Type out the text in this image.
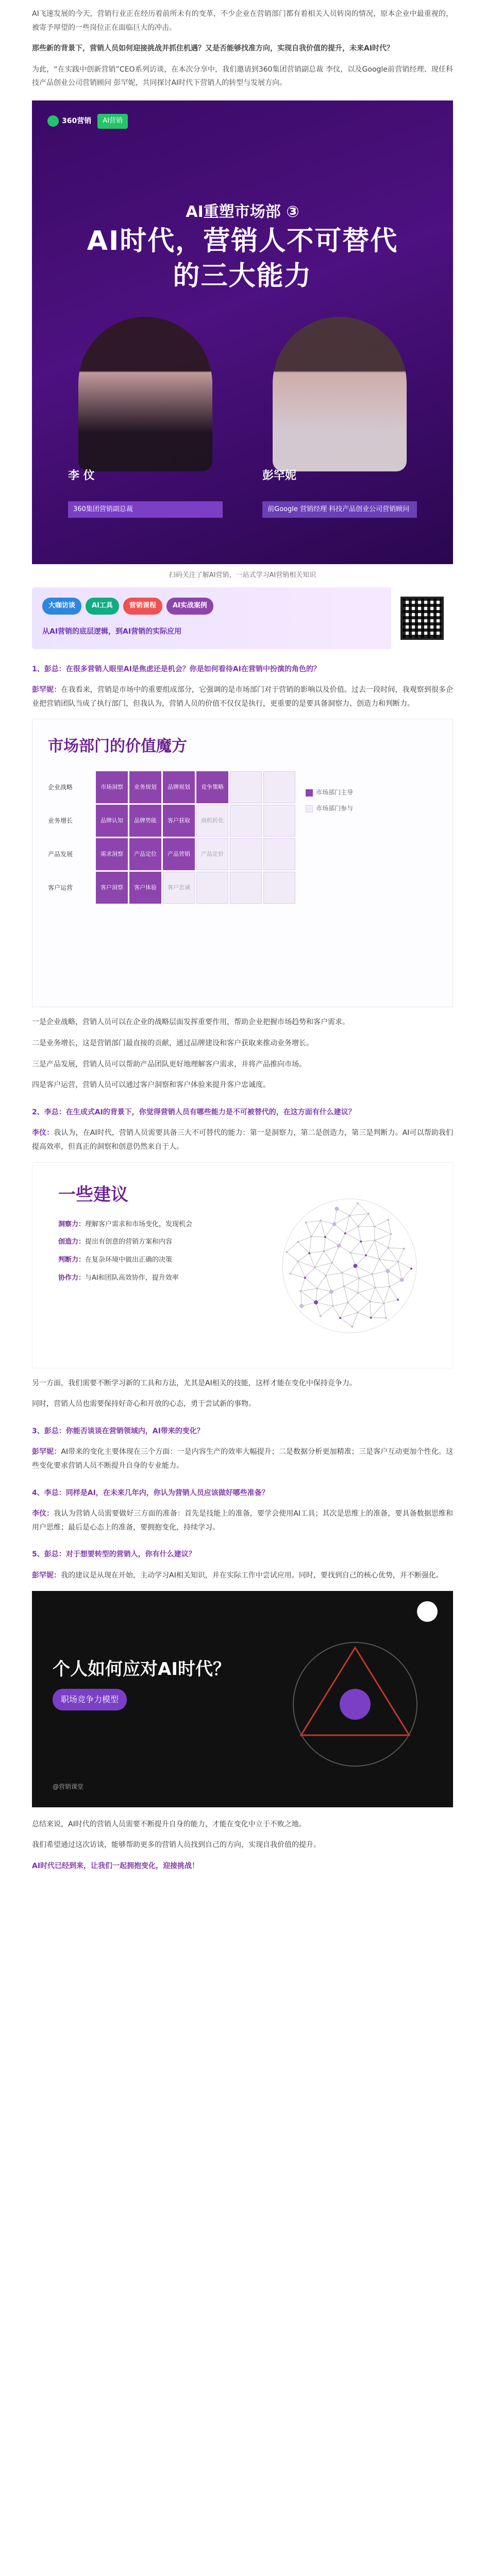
AI飞速发展的今天，营销行业正在经历着前所未有的变革，不少企业在营销部门都有着相关人员转岗的情况，原本企业中最重视的，被寄予厚望的一些岗位正在面临巨大的冲击。

那些新的背景下，营销人员如何迎接挑战并抓住机遇？又是否能够找准方向，实现自我价值的提升，未来AI时代？

为此，“在实践中创新营销”CEO系列访谈，在本次分享中，我们邀请到360集团营销副总裁 李伩，以及Google前营销经理、现任科技产品创业公司营销顾问 彭罕妮，共同探讨AI时代下营销人的转型与发展方向。

360营销	AI营销
AI重塑市场部 ③
AI时代，营销人不可替代
的三大能力
李 伩
360集团营销副总裁
彭罕妮
前Google 营销经理 科技产品创业公司营销顾问
扫码关注了解AI营销，一站式学习AI营销相关知识
大咖访谈	AI工具	营销课程	AI实战案例
从AI营销的底层逻辑，到AI营销的实际应用
1、彭总：在很多营销人眼里AI是焦虑还是机会？你是如何看待AI在营销中扮演的角色的？

彭罕妮：在我看来，营销是市场中的重要组成部分，它强调的是市场部门对于营销的影响以及价值。过去一段时间，我观察到很多企业把营销团队当成了执行部门，但我认为，营销人员的价值不仅仅是执行，更重要的是要具备洞察力、创造力和判断力。

市场部门的价值魔方
企业战略	市场洞察	业务规划	品牌规划	竞争策略
业务增长	品牌认知	品牌势能	客户获取	商机转化
产品发展	需求洞察	产品定位	产品营销	产品定价
客户运营	客户洞察	客户体验	客户忠诚
市场部门主导
市场部门参与

一是企业战略，营销人员可以在企业的战略层面发挥重要作用，帮助企业把握市场趋势和客户需求。

二是业务增长，这是营销部门最直接的贡献，通过品牌建设和客户获取来推动业务增长。

三是产品发展，营销人员可以帮助产品团队更好地理解客户需求，并将产品推向市场。

四是客户运营，营销人员可以通过客户洞察和客户体验来提升客户忠诚度。

2、李总：在生成式AI的背景下，你觉得营销人员有哪些能力是不可被替代的，在这方面有什么建议？

李伩：我认为，在AI时代，营销人员需要具备三大不可替代的能力：第一是洞察力，第二是创造力，第三是判断力。AI可以帮助我们提高效率，但真正的洞察和创意仍然来自于人。

一些建议
洞察力：理解客户需求和市场变化，发现机会
创造力：提出有创意的营销方案和内容
判断力：在复杂环境中做出正确的决策
协作力：与AI和团队高效协作，提升效率

另一方面，我们需要不断学习新的工具和方法，尤其是AI相关的技能，这样才能在变化中保持竞争力。

同时，营销人员也需要保持好奇心和开放的心态，勇于尝试新的事物。

3、彭总：你能否谈谈在营销领域内，AI带来的变化？

彭罕妮：AI带来的变化主要体现在三个方面：一是内容生产的效率大幅提升；二是数据分析更加精准；三是客户互动更加个性化。这些变化要求营销人员不断提升自身的专业能力。

4、李总：同样是AI，在未来几年内，你认为营销人员应该做好哪些准备？

李伩：我认为营销人员需要做好三方面的准备：首先是技能上的准备，要学会使用AI工具；其次是思维上的准备，要具备数据思维和用户思维；最后是心态上的准备，要拥抱变化，持续学习。

5、彭总：对于想要转型的营销人，你有什么建议？

彭罕妮：我的建议是从现在开始，主动学习AI相关知识，并在实际工作中尝试应用。同时，要找到自己的核心优势，并不断强化。

个人如何应对AI时代？
职场竞争力模型
@营销课堂

总结来说，AI时代的营销人员需要不断提升自身的能力，才能在变化中立于不败之地。

我们希望通过这次访谈，能够帮助更多的营销人员找到自己的方向，实现自我价值的提升。

AI时代已经到来，让我们一起拥抱变化，迎接挑战！
